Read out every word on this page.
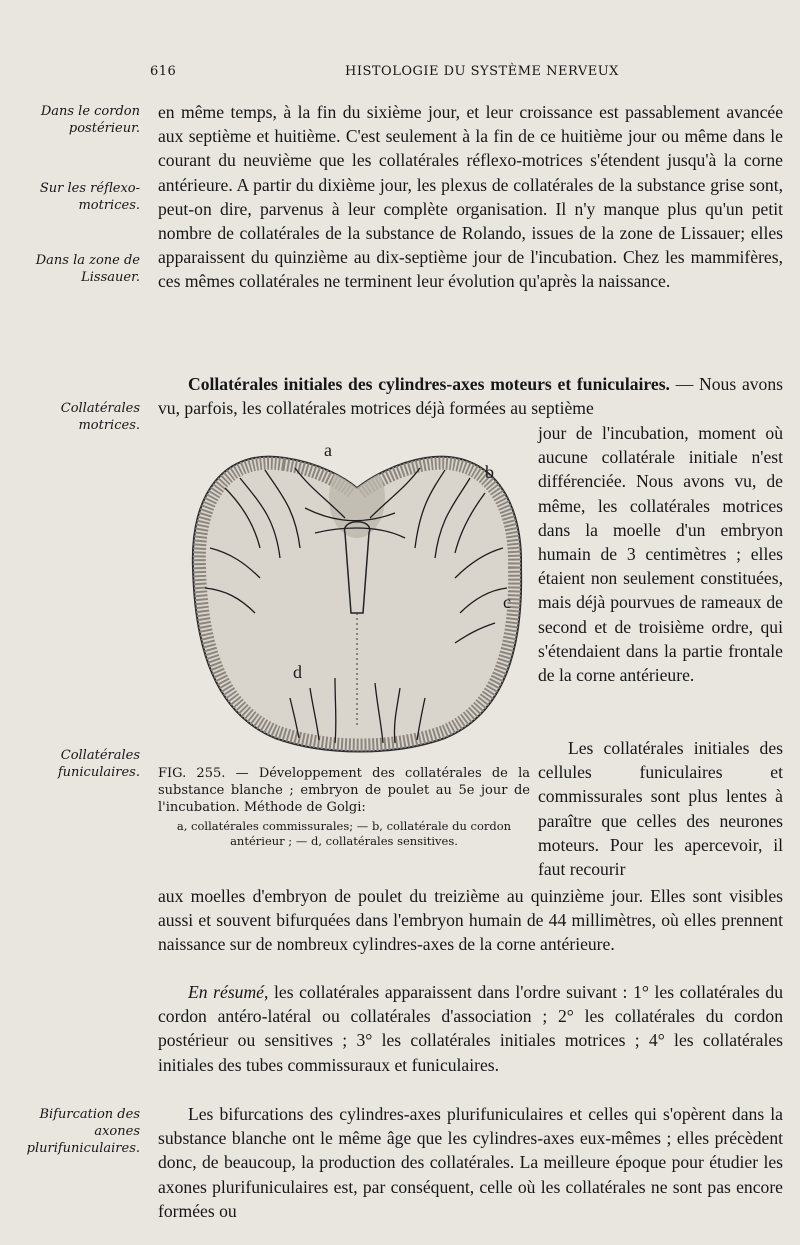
616	HISTOLOGIE DU SYSTÈME NERVEUX
Dans le cordon postérieur.
Sur les réflexo-motrices.
Dans la zone de Lissauer.
Collatérales motrices.
Collatérales funiculaires.
Bifurcation des axones plurifuniculaires.
en même temps, à la fin du sixième jour, et leur croissance est passablement avancée aux septième et huitième. C'est seulement à la fin de ce huitième jour ou même dans le courant du neuvième que les collatérales réflexo-motrices s'étendent jusqu'à la corne antérieure. A partir du dixième jour, les plexus de collatérales de la substance grise sont, peut-on dire, parvenus à leur complète organisation. Il n'y manque plus qu'un petit nombre de collatérales de la substance de Rolando, issues de la zone de Lissauer; elles apparaissent du quinzième au dix-septième jour de l'incubation. Chez les mammifères, ces mêmes collatérales ne terminent leur évolution qu'après la naissance.
Collatérales initiales des cylindres-axes moteurs et funiculaires. — Nous avons vu, parfois, les collatérales motrices déjà formées au septième
jour de l'incubation, moment où aucune collatérale initiale n'est différenciée. Nous avons vu, de même, les collatérales motrices dans la moelle d'un embryon humain de 3 centimètres ; elles étaient non seulement constituées, mais déjà pourvues de rameaux de second et de troisième ordre, qui s'étendaient dans la partie frontale de la corne antérieure.
Les collatérales initiales des cellules funiculaires et commissurales sont plus lentes à paraître que celles des neurones moteurs. Pour les apercevoir, il faut recourir
a
b
c
d
FIG. 255. — Développement des collatérales de la substance blanche ; embryon de poulet au 5e jour de l'incubation. Méthode de Golgi:
a, collatérales commissurales; — b, collatérale du cordon antérieur ; — d, collatérales sensitives.
aux moelles d'embryon de poulet du treizième au quinzième jour. Elles sont visibles aussi et souvent bifurquées dans l'embryon humain de 44 millimètres, où elles prennent naissance sur de nombreux cylindres-axes de la corne antérieure.
En résumé, les collatérales apparaissent dans l'ordre suivant : 1° les collatérales du cordon antéro-latéral ou collatérales d'association ; 2° les collatérales du cordon postérieur ou sensitives ; 3° les collatérales initiales motrices ; 4° les collatérales initiales des tubes commissuraux et funiculaires.
Les bifurcations des cylindres-axes plurifuniculaires et celles qui s'opèrent dans la substance blanche ont le même âge que les cylindres-axes eux-mêmes ; elles précèdent donc, de beaucoup, la production des collatérales. La meilleure époque pour étudier les axones plurifuniculaires est, par conséquent, celle où les collatérales ne sont pas encore formées ou
